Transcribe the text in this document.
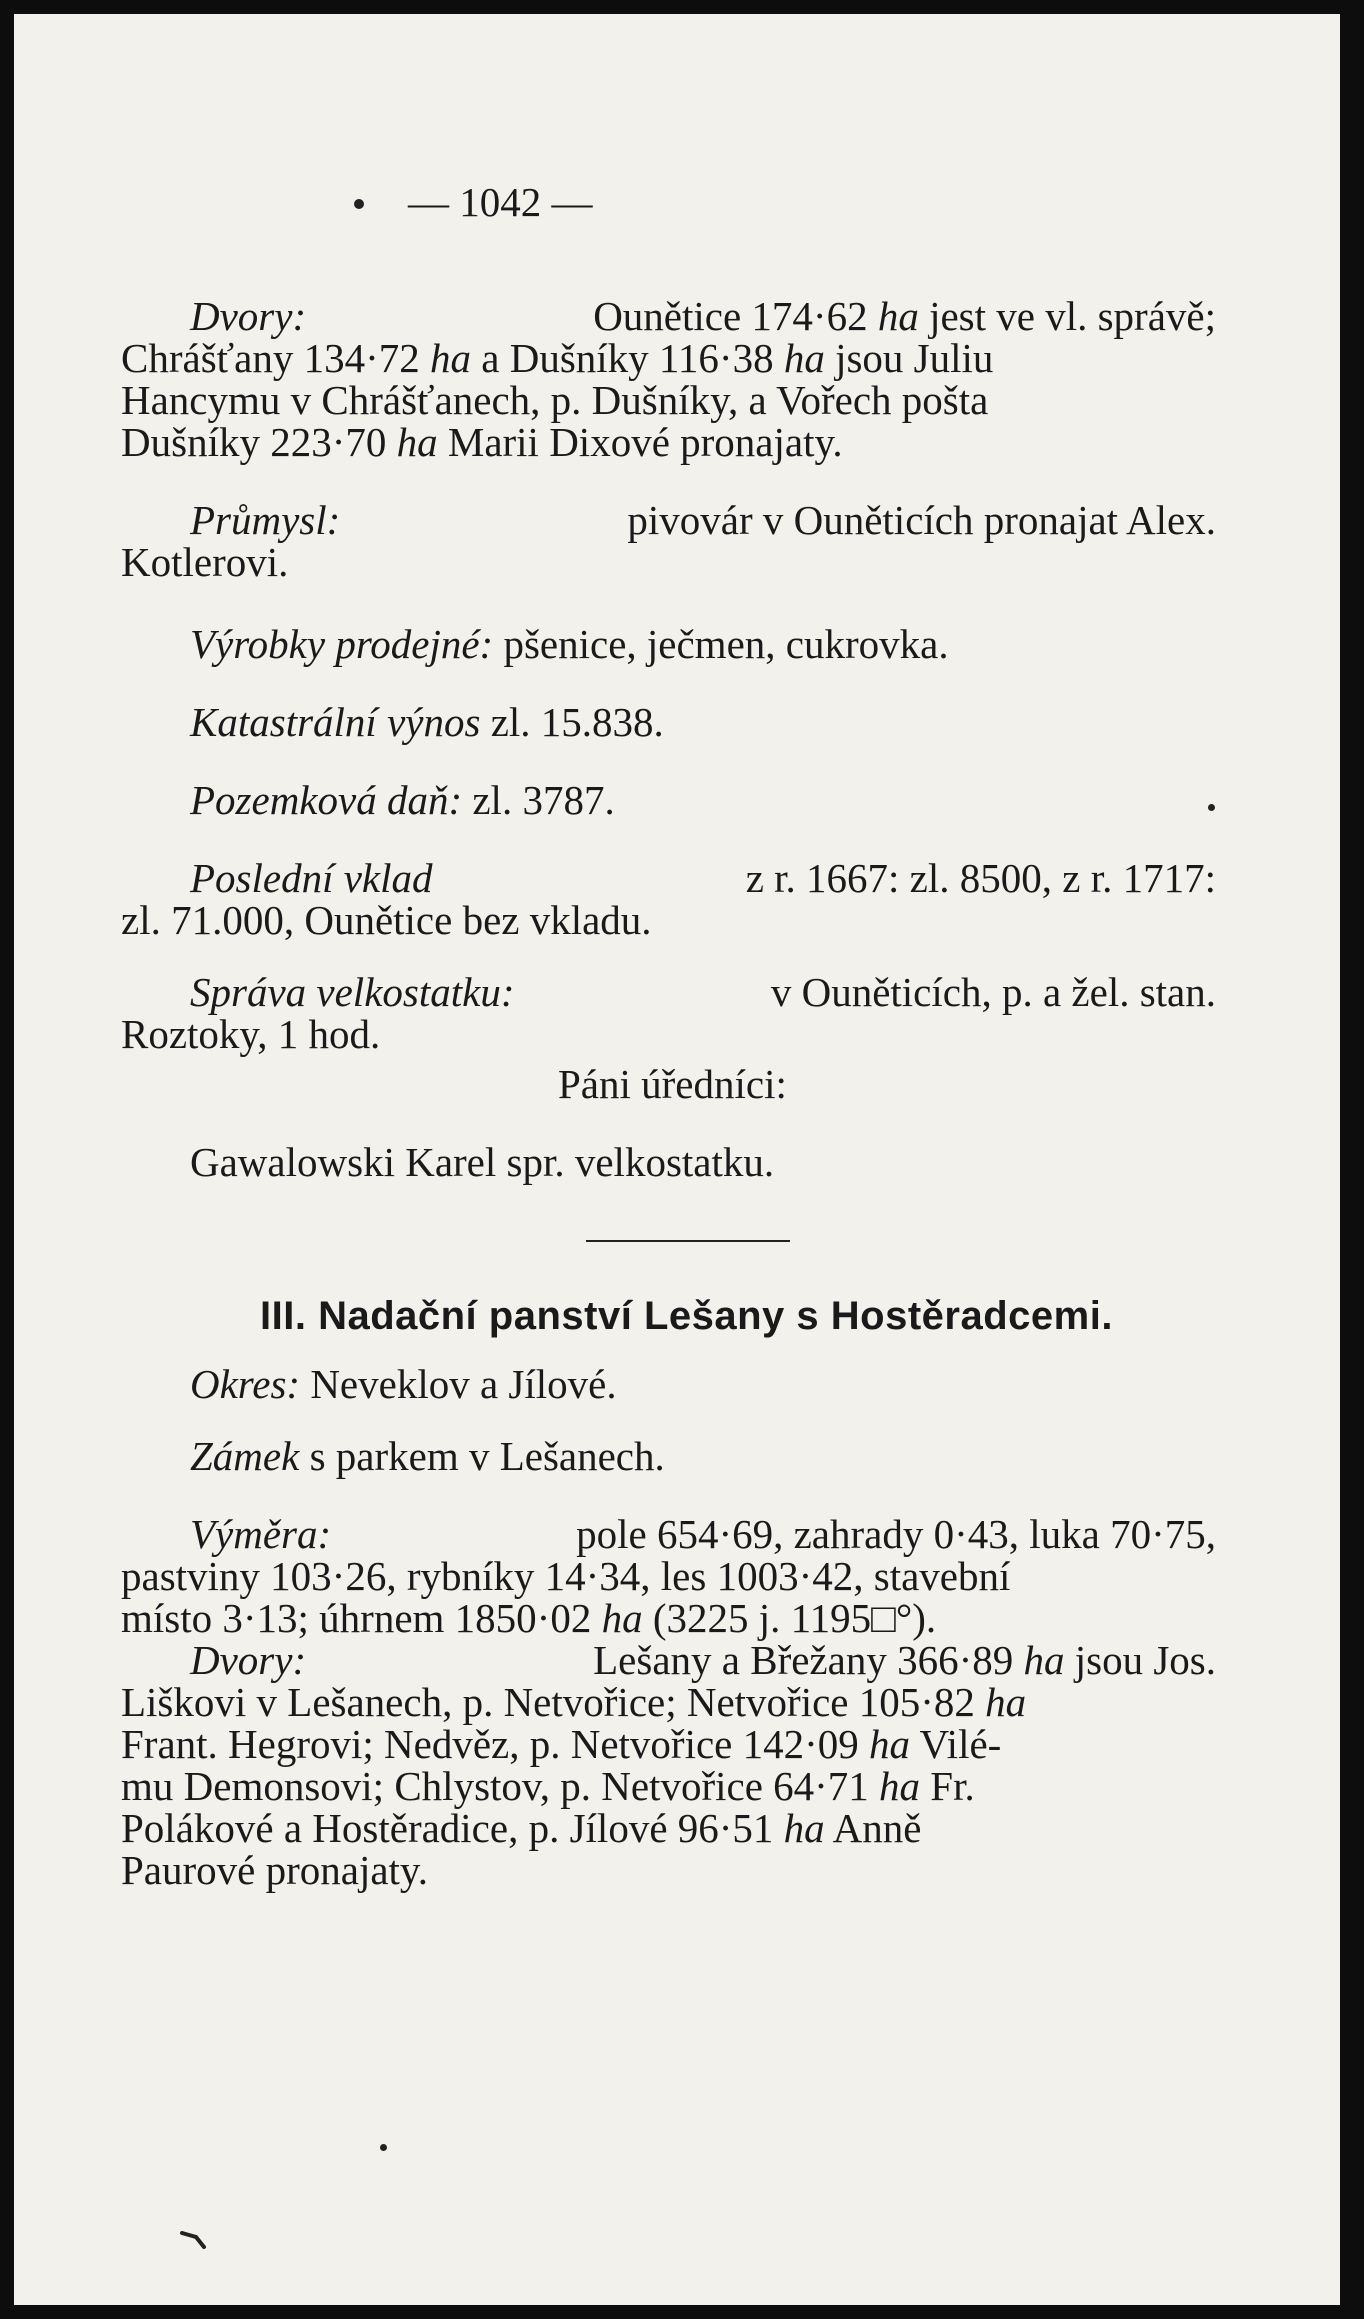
— 1042 —
Dvory:	Ounětice 174·62 ha jest ve vl. správě;
Chrášťany 134·72 ha a Dušníky 116·38 ha jsou Juliu
Hancymu v Chrášťanech, p. Dušníky, a Vořech pošta
Dušníky 223·70 ha Marii Dixové pronajaty.
Průmysl:	pivovár v Ouněticích pronajat Alex.
Kotlerovi.
Výrobky prodejné: pšenice, ječmen, cukrovka.
Katastrální výnos zl. 15.838.
Pozemková daň: zl. 3787.
Poslední vklad	z r. 1667: zl. 8500, z r. 1717:
zl. 71.000, Ounětice bez vkladu.
Správa velkostatku:	v Ouněticích, p. a žel. stan.
Roztoky, 1 hod.
Páni úředníci:
Gawalowski Karel spr. velkostatku.
III. Nadační panství Lešany s Hostěradcemi.
Okres: Neveklov a Jílové.
Zámek s parkem v Lešanech.
Výměra:	pole 654·69, zahrady 0·43, luka 70·75,
pastviny 103·26, rybníky 14·34, les 1003·42, stavební
místo 3·13; úhrnem 1850·02 ha (3225 j. 1195□°).
Dvory:	Lešany a Břežany 366·89 ha jsou Jos.
Liškovi v Lešanech, p. Netvořice; Netvořice 105·82 ha
Frant. Hegrovi; Nedvěz, p. Netvořice 142·09 ha Vilé-
mu Demonsovi; Chlystov, p. Netvořice 64·71 ha Fr.
Polákové a Hostěradice, p. Jílové 96·51 ha Anně
Paurové pronajaty.
